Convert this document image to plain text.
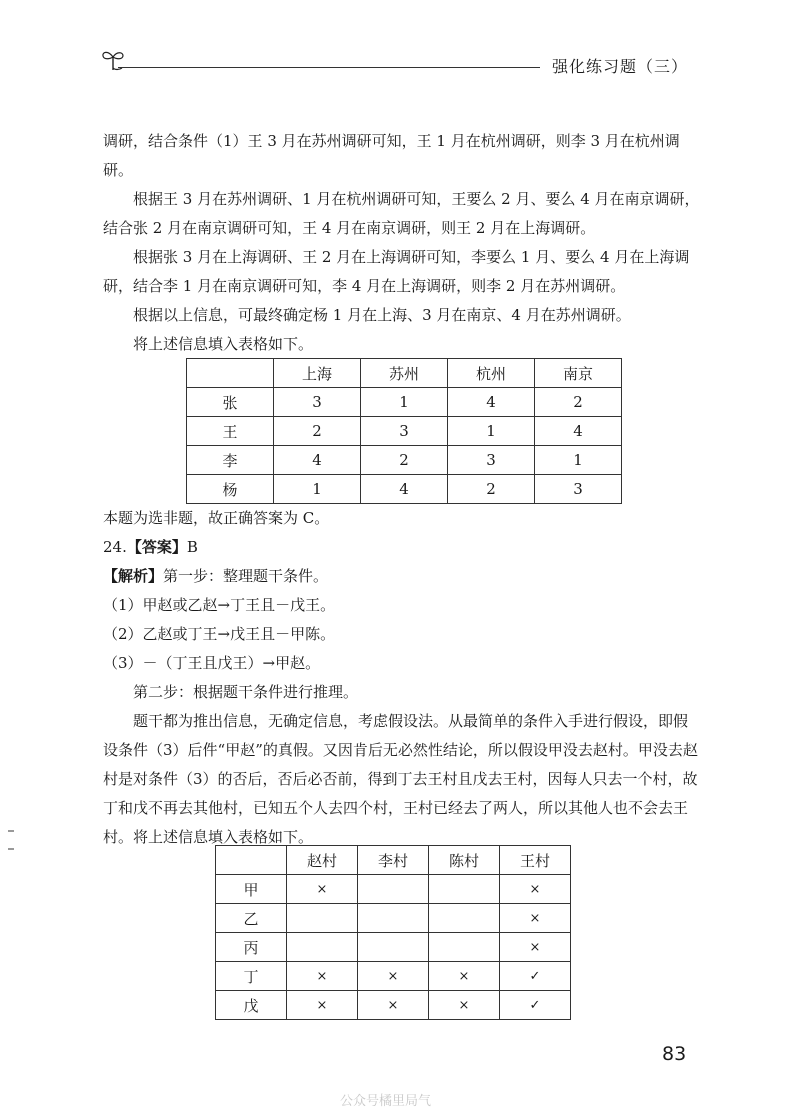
强化练习题（三）

调研，结合条件（1）王 3 月在苏州调研可知，王 1 月在杭州调研，则李 3 月在杭州调研。

根据王 3 月在苏州调研、1 月在杭州调研可知，王要么 2 月、要么 4 月在南京调研，结合张 2 月在南京调研可知，王 4 月在南京调研，则王 2 月在上海调研。

根据张 3 月在上海调研、王 2 月在上海调研可知，李要么 1 月、要么 4 月在上海调研，结合李 1 月在南京调研可知，李 4 月在上海调研，则李 2 月在苏州调研。

根据以上信息，可最终确定杨 1 月在上海、3 月在南京、4 月在苏州调研。

将上述信息填入表格如下。

	上海	苏州	杭州	南京
张	3	1	4	2
王	2	3	1	4
李	4	2	3	1
杨	1	4	2	3

本题为选非题，故正确答案为 C。

24.【答案】B

【解析】第一步：整理题干条件。

（1）甲赵或乙赵→丁王且－戊王。

（2）乙赵或丁王→戊王且－甲陈。

（3）－（丁王且戊王）→甲赵。

第二步：根据题干条件进行推理。

题干都为推出信息，无确定信息，考虑假设法。从最简单的条件入手进行假设，即假设条件（3）后件“甲赵”的真假。又因肯后无必然性结论，所以假设甲没去赵村。甲没去赵村是对条件（3）的否后，否后必否前，得到丁去王村且戊去王村，因每人只去一个村，故丁和戊不再去其他村，已知五个人去四个村，王村已经去了两人，所以其他人也不会去王村。将上述信息填入表格如下。

	赵村	李村	陈村	王村
甲	×			×
乙				×
丙				×
丁	×	×	×	✓
戊	×	×	×	✓
83
公众号橘里局气
